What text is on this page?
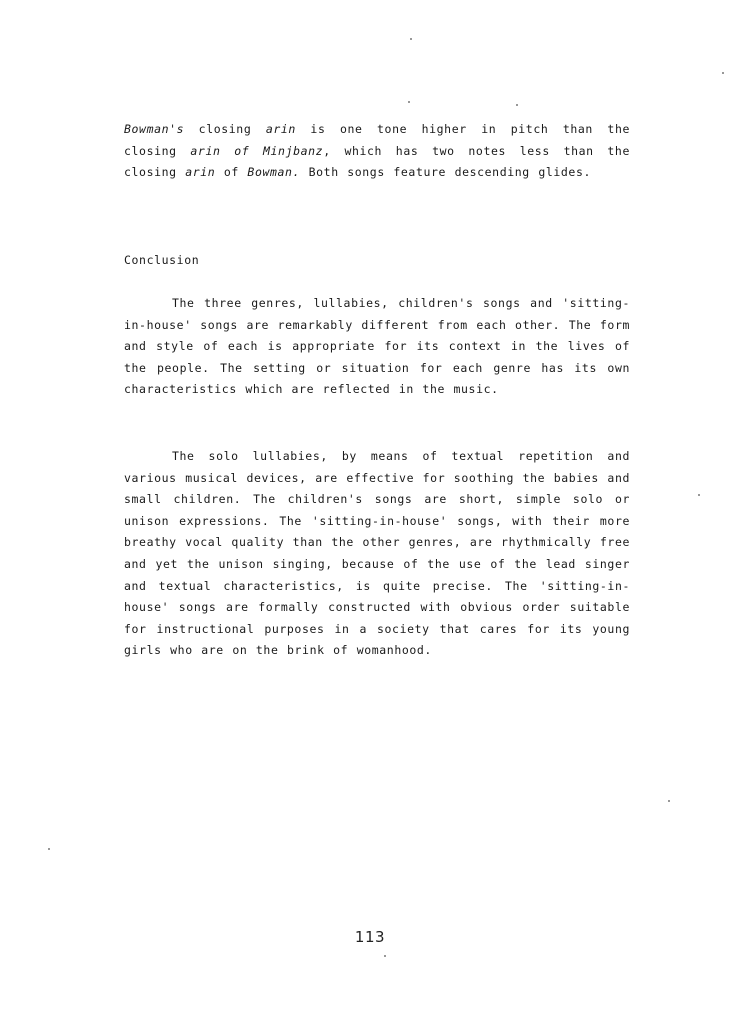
Bowman's closing arin is one tone higher in pitch than the closing arin of Minjbanz, which has two notes less than the closing arin of Bowman. Both songs feature descending glides.

Conclusion

The three genres, lullabies, children's songs and 'sitting-in-house' songs are remarkably different from each other. The form and style of each is appropriate for its context in the lives of the people. The setting or situation for each genre has its own characteristics which are reflected in the music.

The solo lullabies, by means of textual repetition and various musical devices, are effective for soothing the babies and small children. The children's songs are short, simple solo or unison expressions. The 'sitting-in-house' songs, with their more breathy vocal quality than the other genres, are rhythmically free and yet the unison singing, because of the use of the lead singer and textual characteristics, is quite precise. The 'sitting-in-house' songs are formally constructed with obvious order suitable for instructional purposes in a society that cares for its young girls who are on the brink of womanhood.

113
